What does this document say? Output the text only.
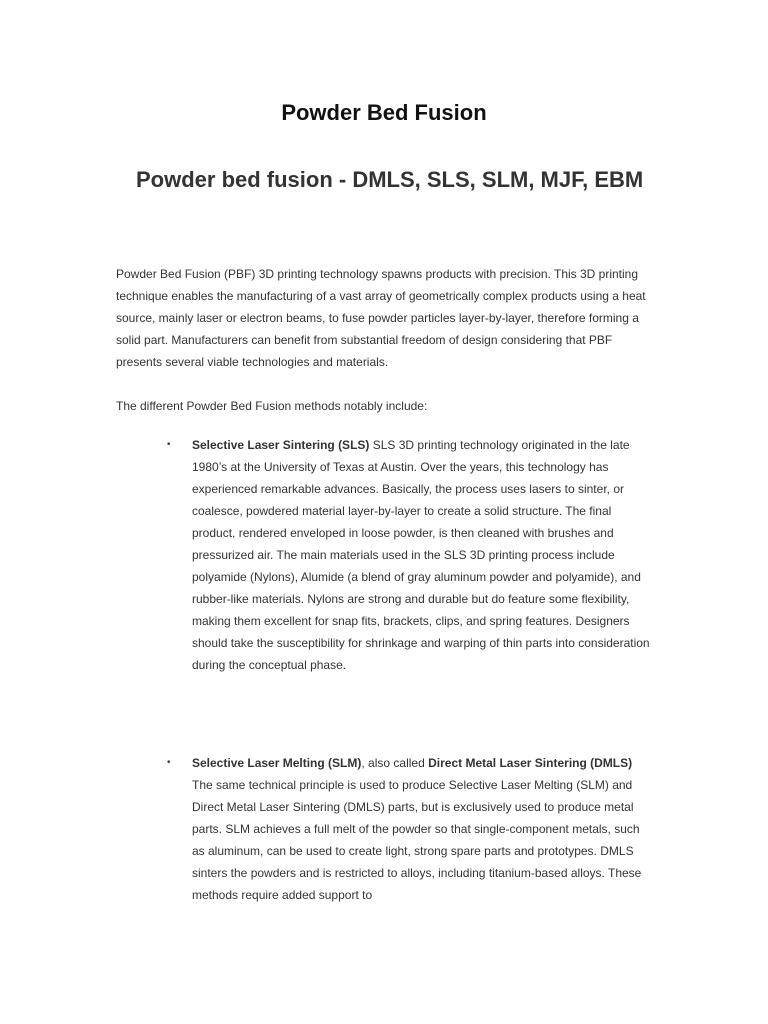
Powder Bed Fusion
Powder bed fusion - DMLS, SLS, SLM, MJF, EBM

Powder Bed Fusion (PBF) 3D printing technology spawns products with precision. This 3D printing technique enables the manufacturing of a vast array of geometrically complex products using a heat source, mainly laser or electron beams, to fuse powder particles layer-by-layer, therefore forming a solid part. Manufacturers can benefit from substantial freedom of design considering that PBF presents several viable technologies and materials.

The different Powder Bed Fusion methods notably include:

• Selective Laser Sintering (SLS) SLS 3D printing technology originated in the late 1980’s at the University of Texas at Austin. Over the years, this technology has experienced remarkable advances. Basically, the process uses lasers to sinter, or coalesce, powdered material layer-by-layer to create a solid structure. The final product, rendered enveloped in loose powder, is then cleaned with brushes and pressurized air. The main materials used in the SLS 3D printing process include polyamide (Nylons), Alumide (a blend of gray aluminum powder and polyamide), and rubber-like materials. Nylons are strong and durable but do feature some flexibility, making them excellent for snap fits, brackets, clips, and spring features. Designers should take the susceptibility for shrinkage and warping of thin parts into consideration during the conceptual phase.
• Selective Laser Melting (SLM), also called Direct Metal Laser Sintering (DMLS) The same technical principle is used to produce Selective Laser Melting (SLM) and Direct Metal Laser Sintering (DMLS) parts, but is exclusively used to produce metal parts. SLM achieves a full melt of the powder so that single-component metals, such as aluminum, can be used to create light, strong spare parts and prototypes. DMLS sinters the powders and is restricted to alloys, including titanium-based alloys. These methods require added support to
